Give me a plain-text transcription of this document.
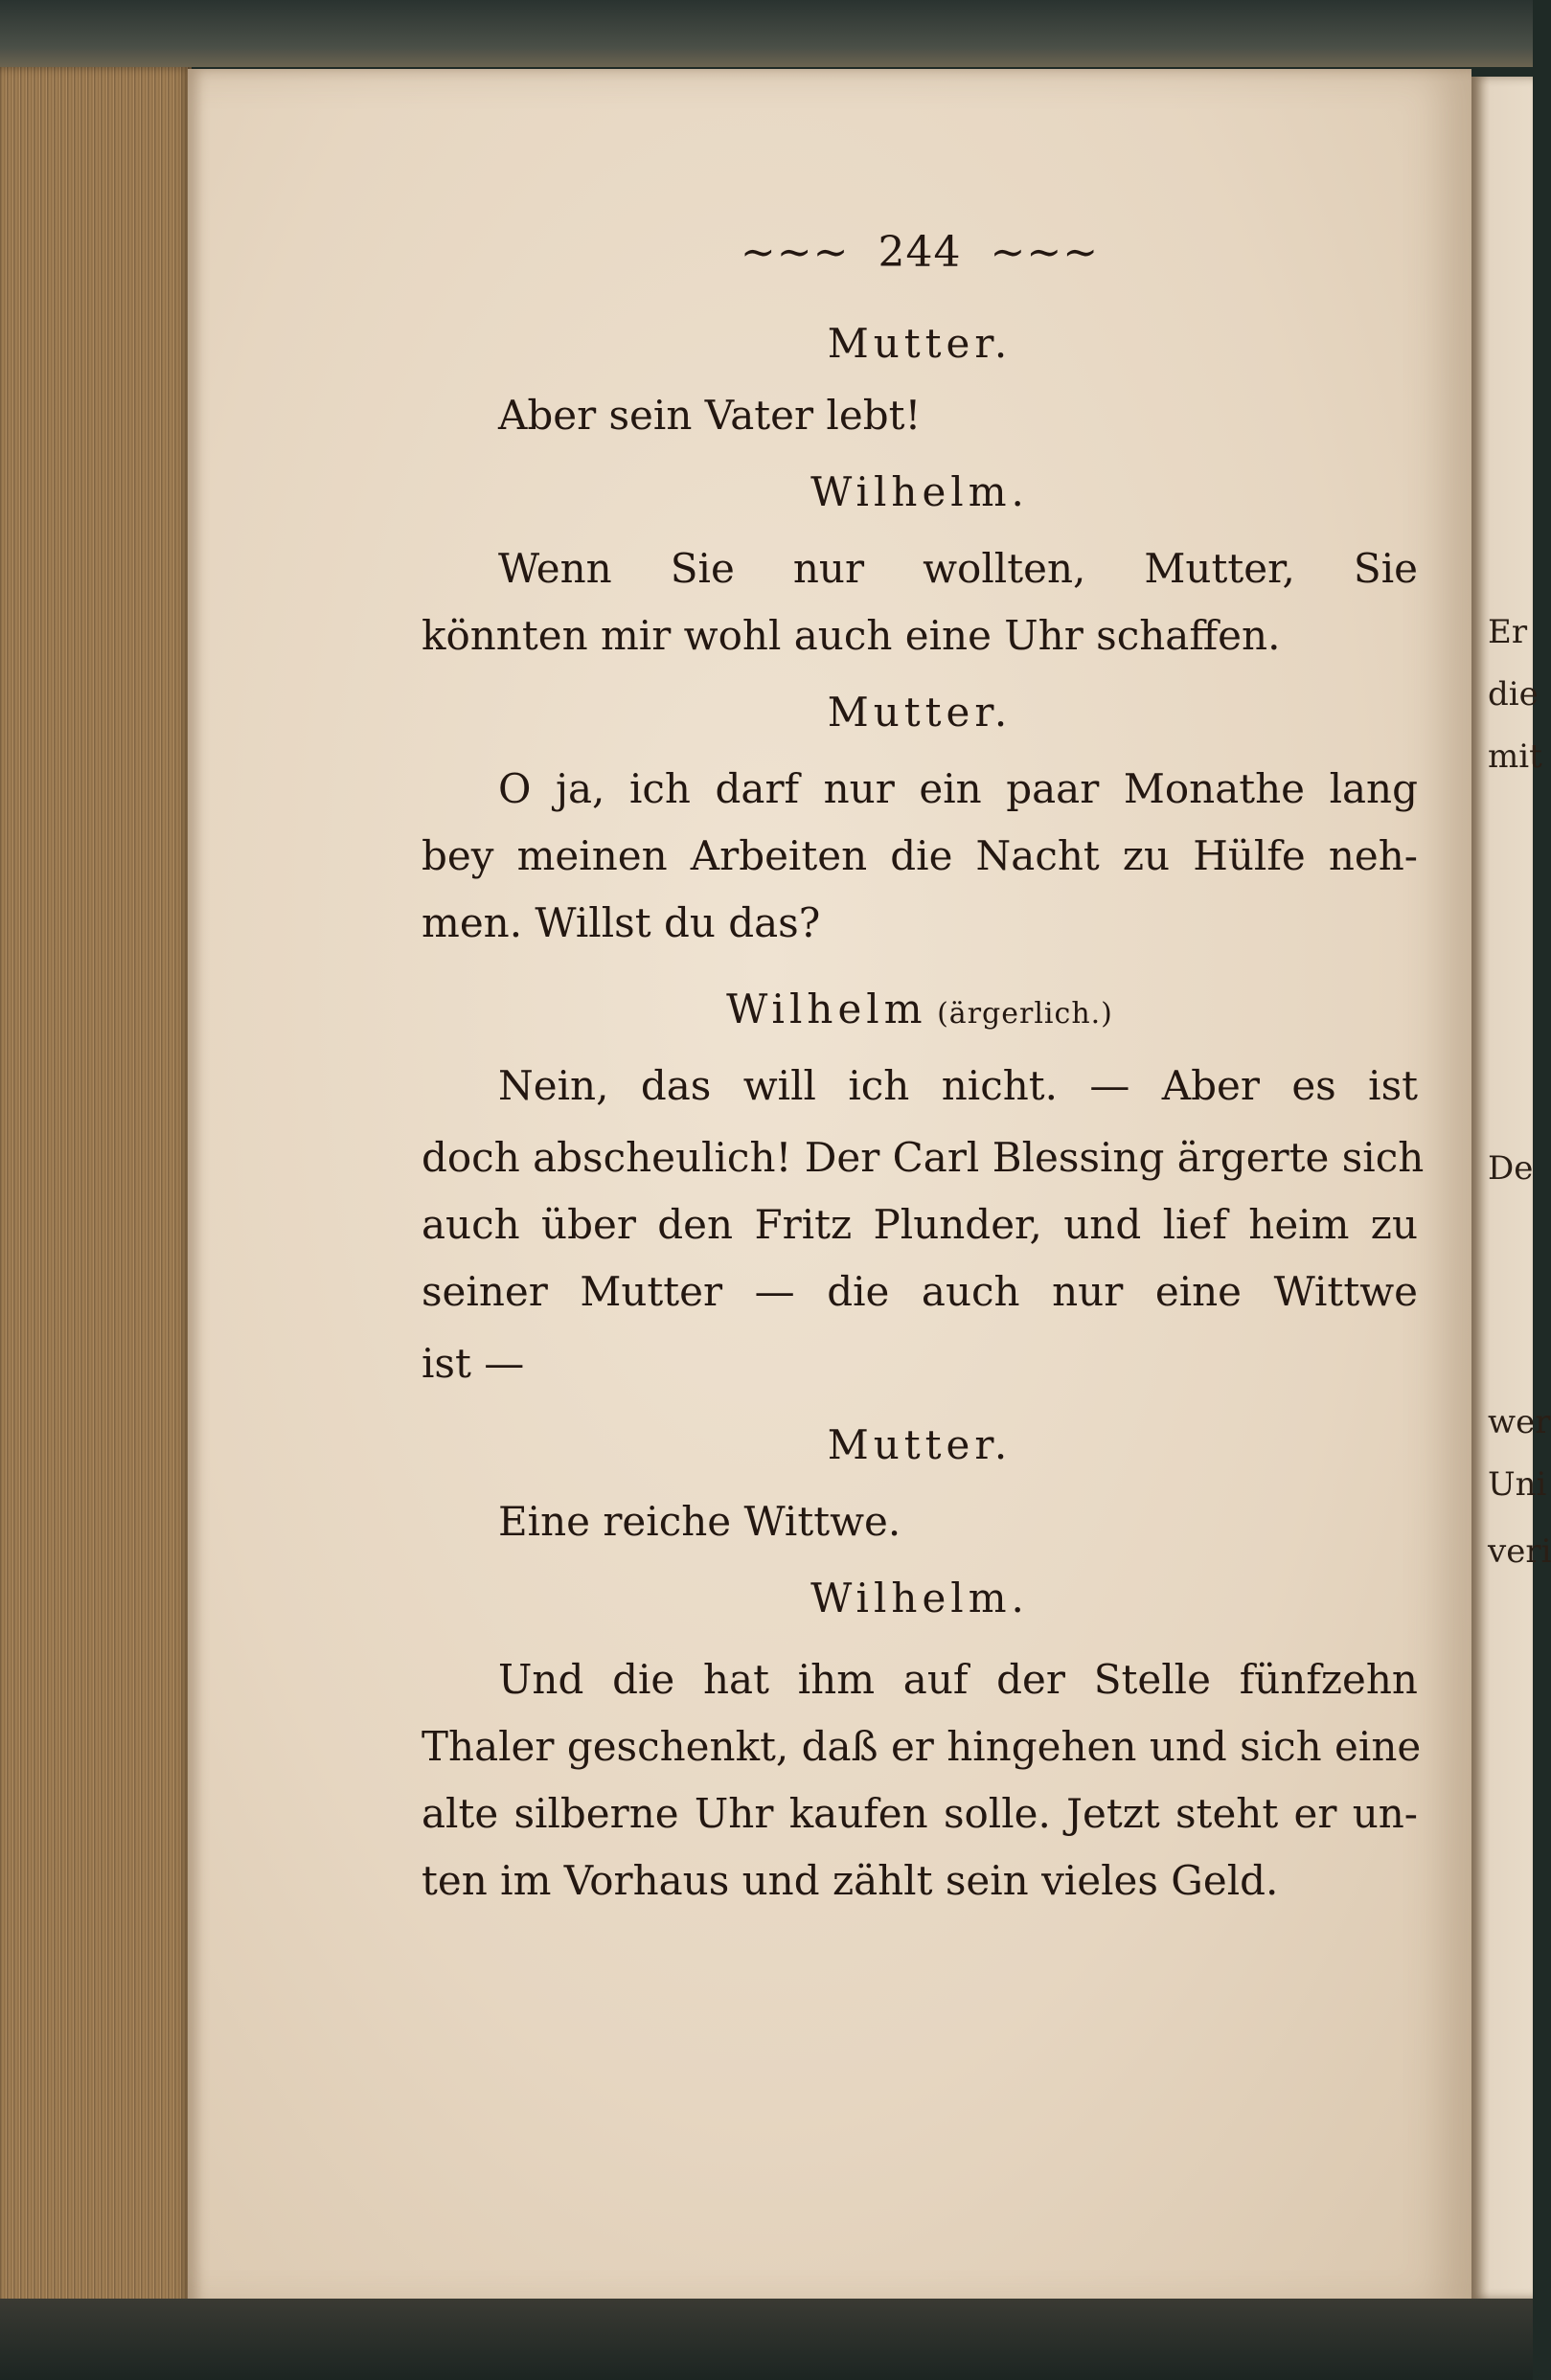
Er
die
mit
De
wer
Uni
veri
~~~ 244 ~~~
Mutter.
Aber sein Vater lebt!
Wilhelm.
Wenn Sie nur wollten, Mutter, Sie
könnten mir wohl auch eine Uhr schaffen.
Mutter.
O ja, ich darf nur ein paar Monathe lang
bey meinen Arbeiten die Nacht zu Hülfe neh-
men. Willst du das?
Wilhelm (ärgerlich.)
Nein, das will ich nicht. — Aber es ist
doch abscheulich! Der Carl Blessing ärgerte sich
auch über den Fritz Plunder, und lief heim zu
seiner Mutter — die auch nur eine Wittwe
ist —
Mutter.
Eine reiche Wittwe.
Wilhelm.
Und die hat ihm auf der Stelle fünfzehn
Thaler geschenkt, daß er hingehen und sich eine
alte silberne Uhr kaufen solle. Jetzt steht er un-
ten im Vorhaus und zählt sein vieles Geld.
